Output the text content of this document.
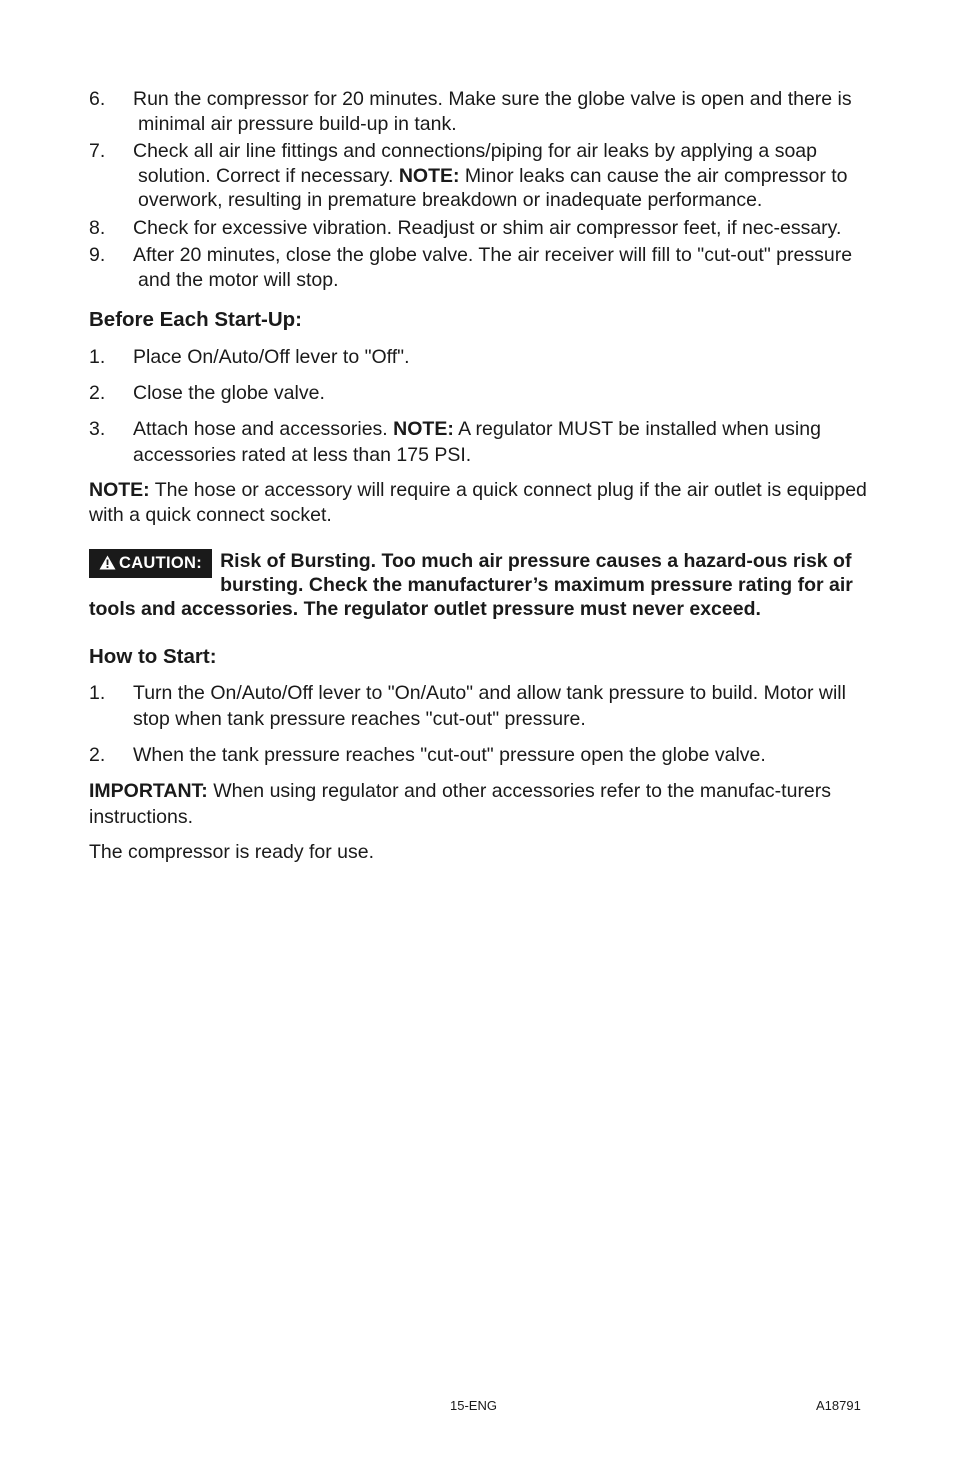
6.	Run the compressor for 20 minutes. Make sure the globe valve is open and there is minimal air pressure build-up in tank.
7.	Check all air line fittings and connections/piping for air leaks by applying a soap solution. Correct if necessary. NOTE: Minor leaks can cause the air compressor to overwork, resulting in premature breakdown or inadequate performance.
8.	Check for excessive vibration. Readjust or shim air compressor feet, if nec-essary.
9.	After 20 minutes, close the globe valve. The air receiver will fill to "cut-out" pressure and the motor will stop.
Before Each Start-Up:
1. Place On/Auto/Off lever to "Off".
2. Close the globe valve.
3. Attach hose and accessories. NOTE: A regulator MUST be installed when using accessories rated at less than 175 PSI.

NOTE: The hose or accessory will require a quick connect plug if the air outlet is equipped with a quick connect socket.

CAUTION: Risk of Bursting. Too much air pressure causes a hazard-ous risk of bursting. Check the manufacturer’s maximum pressure rating for air tools and accessories. The regulator outlet pressure must never exceed.
How to Start:
1. Turn the On/Auto/Off lever to "On/Auto" and allow tank pressure to build. Motor will stop when tank pressure reaches "cut-out" pressure.
2. When the tank pressure reaches "cut-out" pressure open the globe valve.

IMPORTANT: When using regulator and other accessories refer to the manufac-turers instructions.

The compressor is ready for use.

15-ENG	A18791
